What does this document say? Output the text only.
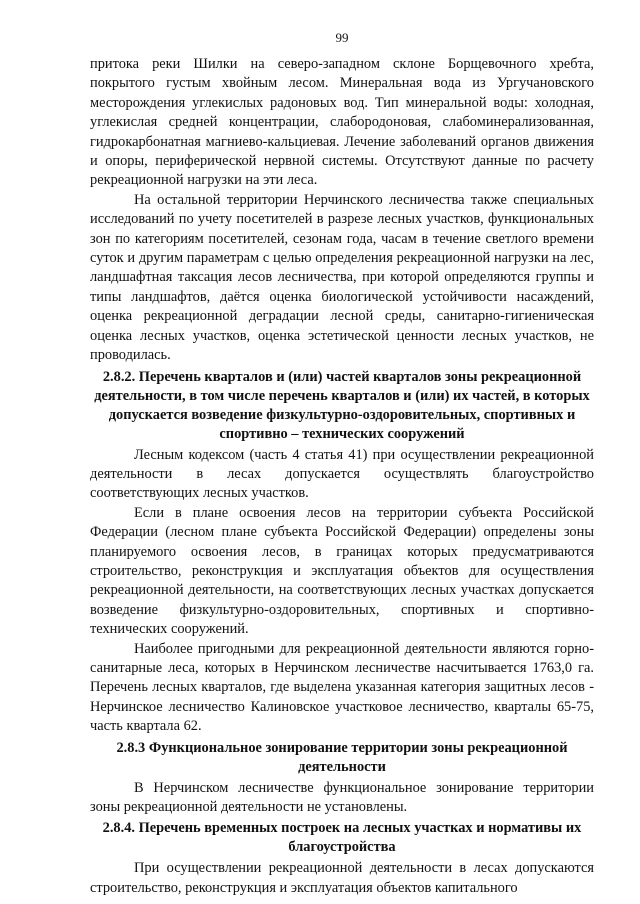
99

притока реки Шилки на северо-западном склоне Борщевочного хребта, покрытого густым хвойным лесом. Минеральная вода из Ургучановского месторождения углекислых радоновых вод. Тип минеральной воды: холодная, углекислая средней концентрации, слабородоновая, слабоминерализованная, гидрокарбонатная магниево-кальциевая. Лечение заболеваний органов движения и опоры, периферической нервной системы. Отсутствуют данные по расчету рекреационной нагрузки на эти леса.

На остальной территории Нерчинского лесничества также специальных исследований по учету посетителей в разрезе лесных участков, функциональных зон по категориям посетителей, сезонам года, часам в течение светлого времени суток и другим параметрам с целью определения рекреационной нагрузки на лес, ландшафтная таксация лесов лесничества, при которой определяются группы и типы ландшафтов, даётся оценка биологической устойчивости насаждений, оценка рекреационной деградации лесной среды, санитарно-гигиеническая оценка лесных участков, оценка эстетической ценности лесных участков, не проводилась.

2.8.2. Перечень кварталов и (или) частей кварталов зоны рекреационной деятельности, в том числе перечень кварталов и (или) их частей, в которых допускается возведение физкультурно-оздоровительных, спортивных и спортивно – технических сооружений

Лесным кодексом (часть 4 статья 41) при осуществлении рекреационной деятельности в лесах допускается осуществлять благоустройство соответствующих лесных участков.

Если в плане освоения лесов на территории субъекта Российской Федерации (лесном плане субъекта Российской Федерации) определены зоны планируемого освоения лесов, в границах которых предусматриваются строительство, реконструкция и эксплуатация объектов для осуществления рекреационной деятельности, на соответствующих лесных участках допускается возведение физкультурно-оздоровительных, спортивных и спортивно-технических сооружений.

Наиболее пригодными для рекреационной деятельности являются горно-санитарные леса, которых в Нерчинском лесничестве насчитывается 1763,0 га. Перечень лесных кварталов, где выделена указанная категория защитных лесов - Нерчинское лесничество Калиновское участковое лесничество, кварталы 65-75, часть квартала 62.

2.8.3 Функциональное зонирование территории зоны рекреационной деятельности

В Нерчинском лесничестве функциональное зонирование территории зоны рекреационной деятельности не установлены.

2.8.4. Перечень временных построек на лесных участках и нормативы их благоустройства

При осуществлении рекреационной деятельности в лесах допускаются строительство, реконструкция и эксплуатация объектов капитального
